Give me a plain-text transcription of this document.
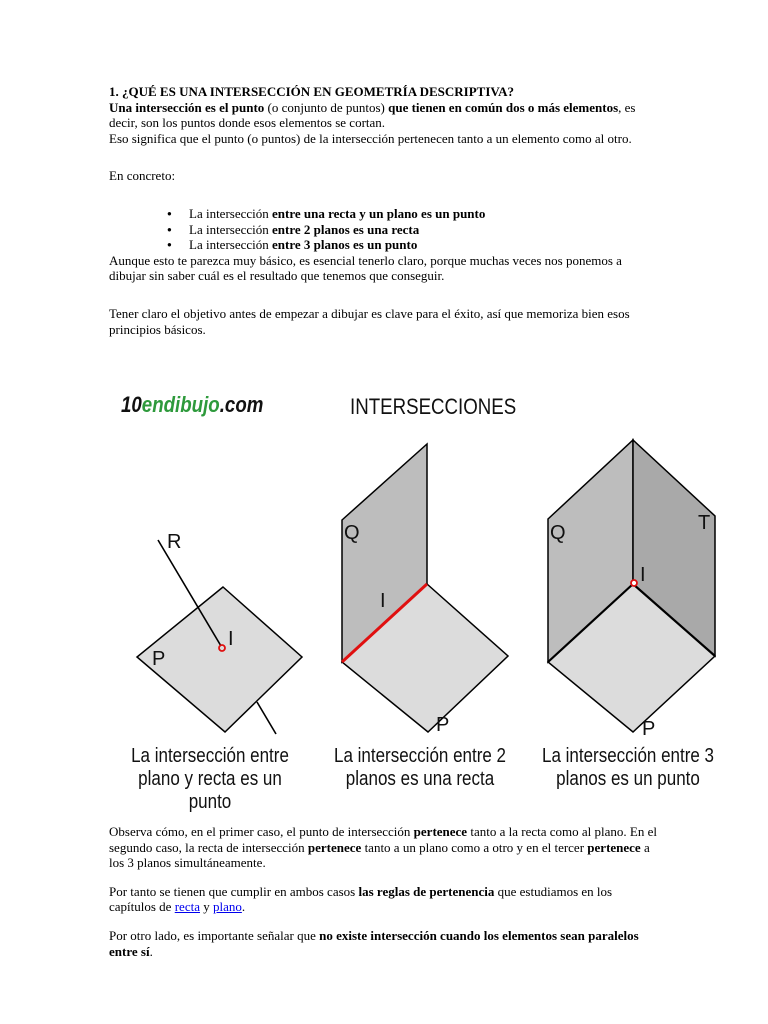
1. ¿QUÉ ES UNA INTERSECCIÓN EN GEOMETRÍA DESCRIPTIVA?

Una intersección es el punto (o conjunto de puntos) que tienen en común dos o más elementos, es decir, son los puntos donde esos elementos se cortan.

Eso significa que el punto (o puntos) de la intersección pertenecen tanto a un elemento como al otro.

En concreto:

● La intersección entre una recta y un plano es un punto
● La intersección entre 2 planos es una recta
● La intersección entre 3 planos es un punto

Aunque esto te parezca muy básico, es esencial tenerlo claro, porque muchas veces nos ponemos a dibujar sin saber cuál es el resultado que tenemos que conseguir.

Tener claro el objetivo antes de empezar a dibujar es clave para el éxito, así que memoriza bien esos principios básicos.

10endibujo.com	INTERSECCIONES
R
P
I
Q
I
P
Q	T
I
P
La intersección entre
plano y recta es un punto
La intersección entre 2
planos es una recta
La intersección entre 3
planos es un punto

Observa cómo, en el primer caso, el punto de intersección pertenece tanto a la recta como al plano. En el segundo caso, la recta de intersección pertenece tanto a un plano como a otro y en el tercer pertenece a los 3 planos simultáneamente.

Por tanto se tienen que cumplir en ambos casos las reglas de pertenencia que estudiamos en los capítulos de recta y plano.

Por otro lado, es importante señalar que no existe intersección cuando los elementos sean paralelos entre sí.
